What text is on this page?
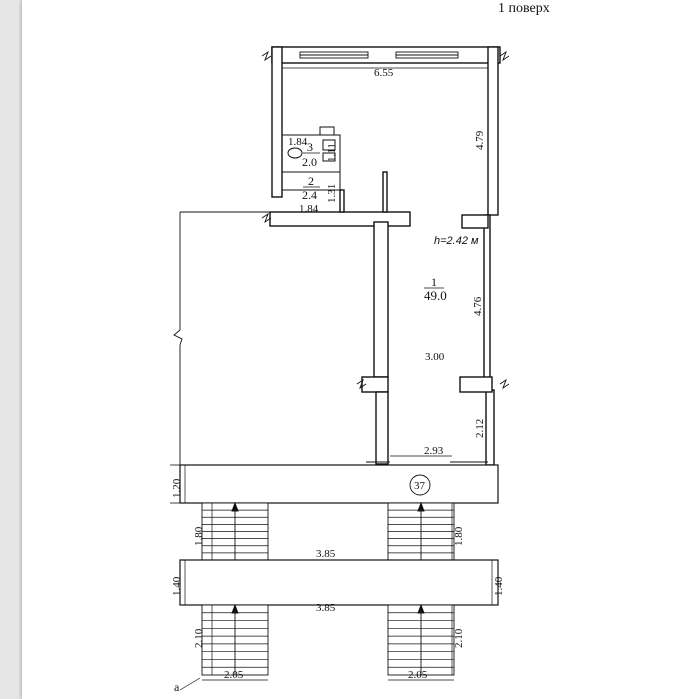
1 поверх
h=2.42 м
1
49.0
2
2.4
3
2.0
6.55
4.79
4.76
2.12
1.84
1.11
1.31
1.84
3.00
2.93
1.20
1.80	1.80
3.85
1.40	1.40
3.85
2.10	2.10
2.05	2.05
37
а
